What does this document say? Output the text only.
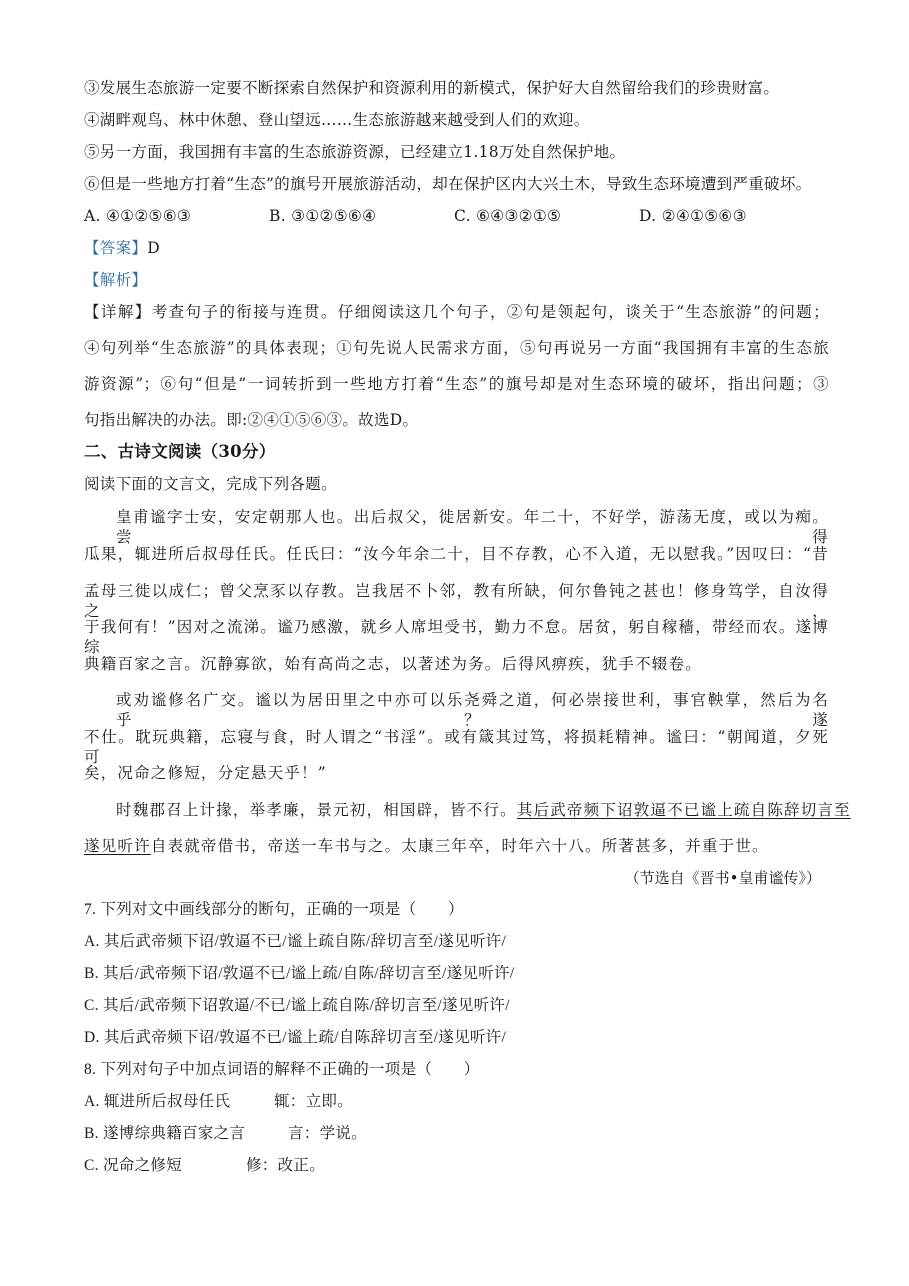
③发展生态旅游一定要不断探索自然保护和资源利用的新模式，保护好大自然留给我们的珍贵财富。
④湖畔观鸟、林中休憩、登山望远……生态旅游越来越受到人们的欢迎。
⑤另一方面，我国拥有丰富的生态旅游资源，已经建立1.18万处自然保护地。
⑥但是一些地方打着“生态”的旗号开展旅游活动，却在保护区内大兴土木，导致生态环境遭到严重破坏。
A. ④①②⑤⑥③	B. ③①②⑤⑥④	C. ⑥④③②①⑤	D. ②④①⑤⑥③
【答案】D
【解析】
【详解】考查句子的衔接与连贯。仔细阅读这几个句子，②句是领起句，谈关于“生态旅游”的问题；
④句列举“生态旅游”的具体表现；①句先说人民需求方面，⑤句再说另一方面“我国拥有丰富的生态旅
游资源”；⑥句“但是”一词转折到一些地方打着“生态”的旗号却是对生态环境的破坏，指出问题；③
句指出解决的办法。即:②④①⑤⑥③。故选D。
二、古诗文阅读（30分）
阅读下面的文言文，完成下列各题。
皇甫谧字士安，安定朝那人也。出后叔父，徙居新安。年二十，不好学，游荡无度，或以为痴。尝得
瓜果，辄进所后叔母任氏。任氏曰：“汝今年余二十，目不存教，心不入道，无以慰我。”因叹曰：“昔
孟母三徙以成仁；曾父烹豕以存教。岂我居不卜邻，教有所缺，何尔鲁钝之甚也！修身笃学，自汝得之，
于我何有！”因对之流涕。谧乃感激，就乡人席坦受书，勤力不怠。居贫，躬自稼穑，带经而农。遂博综
典籍百家之言。沉静寡欲，始有高尚之志，以著述为务。后得风痹疾，犹手不辍卷。
或劝谧修名广交。谧以为居田里之中亦可以乐尧舜之道，何必崇接世利，事官鞅掌，然后为名乎？遂
不仕。耽玩典籍，忘寝与食，时人谓之“书淫”。或有箴其过笃，将损耗精神。谧曰：“朝闻道，夕死可
矣，况命之修短，分定悬天乎！”
时魏郡召上计掾，举孝廉，景元初，相国辟，皆不行。其后武帝频下诏敦逼不已谧上疏自陈辞切言至
遂见听许自表就帝借书，帝送一车书与之。太康三年卒，时年六十八。所著甚多，并重于世。
（节选自《晋书•皇甫谧传》）
7. 下列对文中画线部分的断句，正确的一项是（　　）
A. 其后武帝频下诏/敦逼不已/谧上疏自陈/辞切言至/遂见听许/
B. 其后/武帝频下诏/敦逼不已/谧上疏/自陈/辞切言至/遂见听许/
C. 其后/武帝频下诏敦逼/不已/谧上疏自陈/辞切言至/遂见听许/
D. 其后武帝频下诏/敦逼不已/谧上疏/自陈辞切言至/遂见听许/
8. 下列对句子中加点词语的解释不正确的一项是（　　）
A. 辄进所后叔母任氏	辄：立即。
B. 遂博综典籍百家之言	言：学说。
C. 况命之修短	修：改正。
